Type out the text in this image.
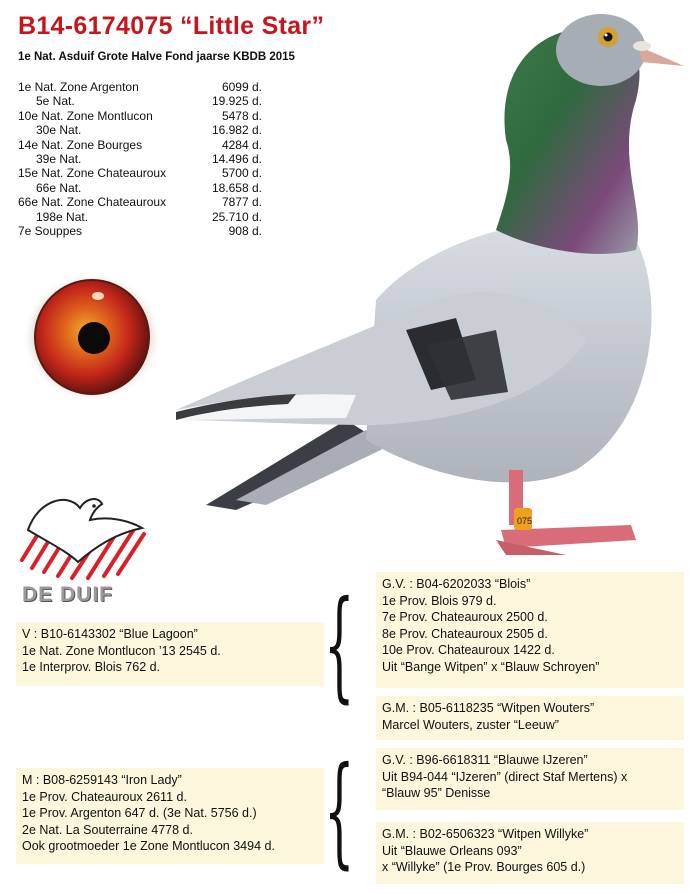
B14-6174075 “Little Star”
1e Nat. Asduif Grote Halve Fond jaarse KBDB 2015
1e Nat. Zone Argenton	6099 d.
5e Nat.	19.925 d.
10e Nat. Zone Montlucon	5478 d.
30e Nat.	16.982 d.
14e Nat. Zone Bourges	4284 d.
39e Nat.	14.496 d.
15e Nat. Zone Chateauroux	5700 d.
66e Nat.	18.658 d.
66e Nat. Zone Chateauroux	7877 d.
198e Nat.	25.710 d.
7e Souppes	908 d.
075
DE DUIF
V : B10-6143302 “Blue Lagoon”
1e Nat. Zone Montlucon ’13 2545 d.
1e Interprov. Blois 762 d.	{ G.V. : B04-6202033 “Blois”
1e Prov. Blois 979 d.
7e Prov. Chateauroux 2500 d.
8e Prov. Chateauroux 2505 d.
10e Prov. Chateauroux 1422 d.
Uit “Bange Witpen” x “Blauw Schroyen”
G.M. : B05-6118235 “Witpen Wouters”
Marcel Wouters, zuster “Leeuw”
M : B08-6259143 “Iron Lady”
1e Prov. Chateauroux 2611 d.
1e Prov. Argenton 647 d. (3e Nat. 5756 d.)
2e Nat. La Souterraine 4778 d.
Ook grootmoeder 1e Zone Montlucon 3494 d. { G.V. : B96-6618311 “Blauwe IJzeren”
Uit B94-044 “IJzeren” (direct Staf Mertens) x
“Blauw 95” Denisse
G.M. : B02-6506323 “Witpen Willyke”
Uit “Blauwe Orleans 093”
x “Willyke” (1e Prov. Bourges 605 d.)
